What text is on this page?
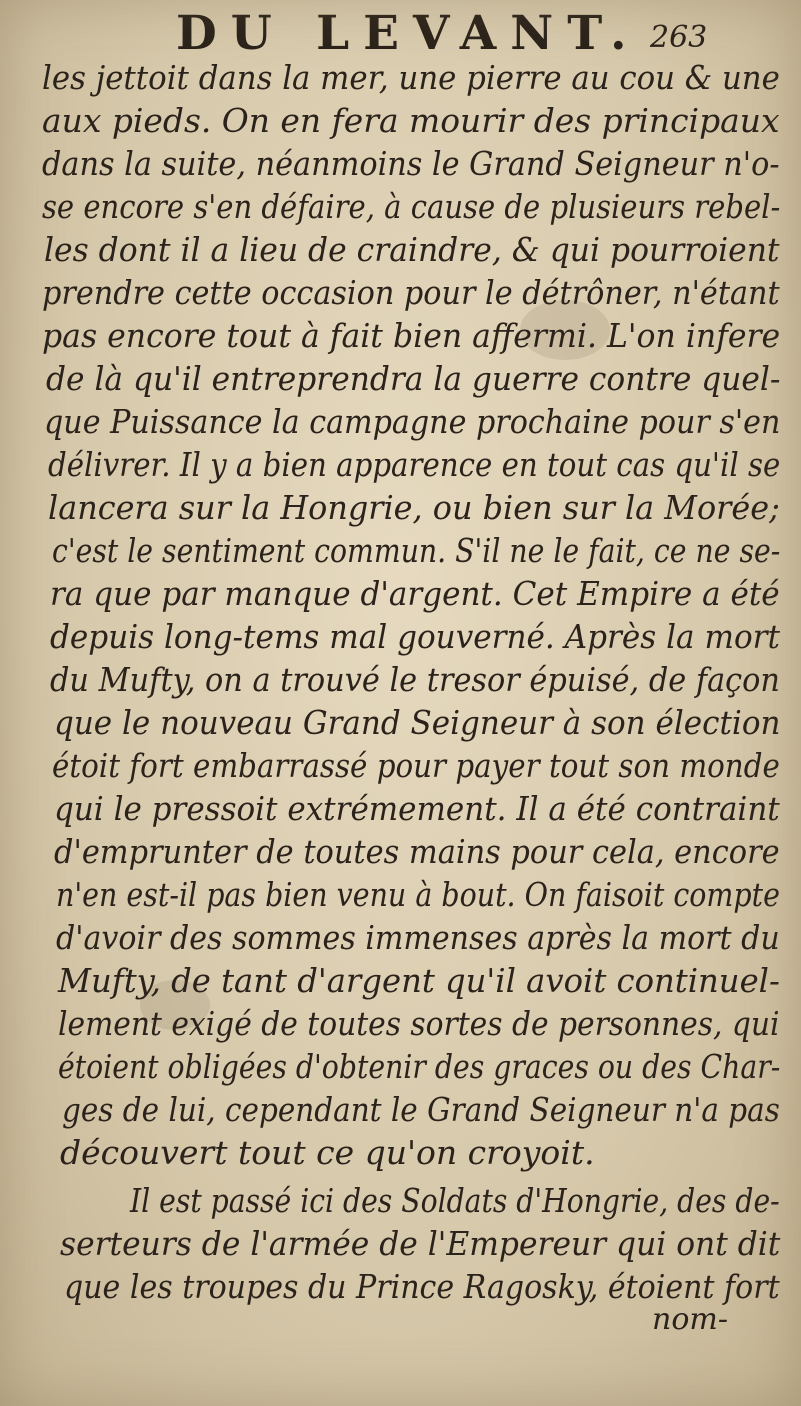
DU LEVANT. 263
les jettoit dans la mer, une pierre au cou & une
aux pieds. On en fera mourir des principaux
dans la suite, néanmoins le Grand Seigneur n'o-
se encore s'en défaire, à cause de plusieurs rebel-
les dont il a lieu de craindre, & qui pourroient
prendre cette occasion pour le détrôner, n'étant
pas encore tout à fait bien affermi. L'on infere
de là qu'il entreprendra la guerre contre quel-
que Puissance la campagne prochaine pour s'en
délivrer. Il y a bien apparence en tout cas qu'il se
lancera sur la Hongrie, ou bien sur la Morée;
c'est le sentiment commun. S'il ne le fait, ce ne se-
ra que par manque d'argent. Cet Empire a été
depuis long-tems mal gouverné. Après la mort
du Mufty, on a trouvé le tresor épuisé, de façon
que le nouveau Grand Seigneur à son élection
étoit fort embarrassé pour payer tout son monde
qui le pressoit extrémement. Il a été contraint
d'emprunter de toutes mains pour cela, encore
n'en est-il pas bien venu à bout. On faisoit compte
d'avoir des sommes immenses après la mort du
Mufty, de tant d'argent qu'il avoit continuel-
lement exigé de toutes sortes de personnes, qui
étoient obligées d'obtenir des graces ou des Char-
ges de lui, cependant le Grand Seigneur n'a pas
découvert tout ce qu'on croyoit.
Il est passé ici des Soldats d'Hongrie, des de-
serteurs de l'armée de l'Empereur qui ont dit
que les troupes du Prince Ragosky, étoient fort
nom-
